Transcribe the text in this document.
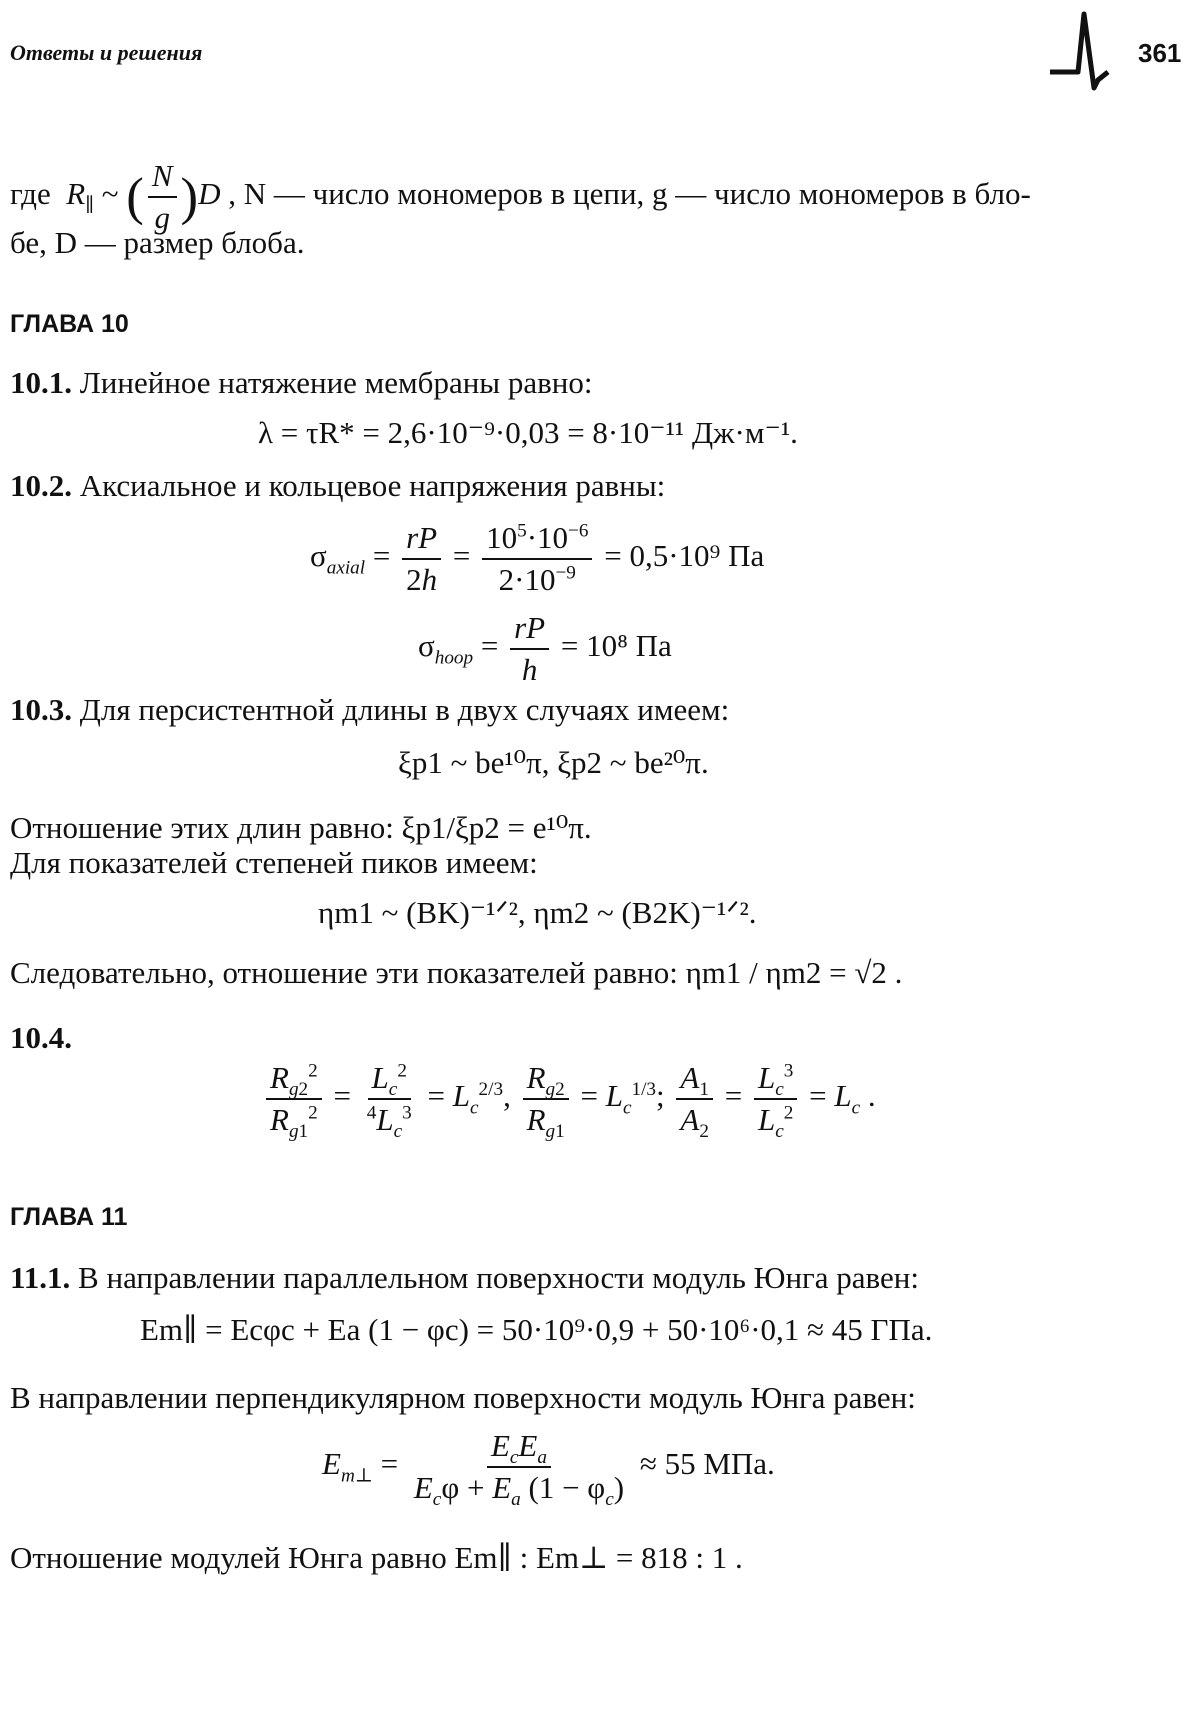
Ответы и решения	361
где $R_\parallel$ ~ ( $\frac{N}{g} )D$ , N — число мономеров в цепи, g — число мономеров в бло-
бе, D — размер блоба.
ГЛАВА 10
10.1. Линейное натяжение мембраны равно:
λ = τR* = 2,6·10⁻⁹·0,03 = 8·10⁻¹¹ Дж·м⁻¹.
10.2. Аксиальное и кольцевое напряжения равны:
$\sigma_{axial} = \frac{rP}{2h} = \frac{10^5\cdot 10^{-6}}{2\cdot 10^{-9}} = 0,5\cdot 10^9$ Па
$\sigma_{hoop} = \frac{rP}{h} = 10^8$ Па
10.3. Для персистентной длины в двух случаях имеем:
ξp1 ~ be¹⁰π, ξp2 ~ be²⁰π.
Отношение этих длин равно: ξp1/ξp2 = e¹⁰π.
Для показателей степеней пиков имеем:
ηm1 ~ (BK)⁻¹ᐟ², ηm2 ~ (B2K)⁻¹ᐟ².
Следовательно, отношение эти показателей равно: ηm1 / ηm2 = √2 .
10.4.
$\frac{R_{g2}^2}{R_{g1}^2} = \frac{L_c^2}{^4L_c^3} = L_c^{2/3}$, $\frac{R_{g2}}{R_{g1}} = L_c^{1/3}$; $\frac{A_1}{A_2} = \frac{L_c^3}{L_c^2} = L_c$ .
ГЛАВА 11
11.1. В направлении параллельном поверхности модуль Юнга равен:
Em∥ = Ecφc + Ea (1 − φc) = 50·10⁹·0,9 + 50·10⁶·0,1 ≈ 45 ГПа.
В направлении перпендикулярном поверхности модуль Юнга равен:
$E_{m\perp} = \frac{E_cE_a}{E_c\varphi + E_a (1 - \varphi_c)} \approx 55$ МПа.
Отношение модулей Юнга равно Em∥ : Em⊥ = 818 : 1 .
